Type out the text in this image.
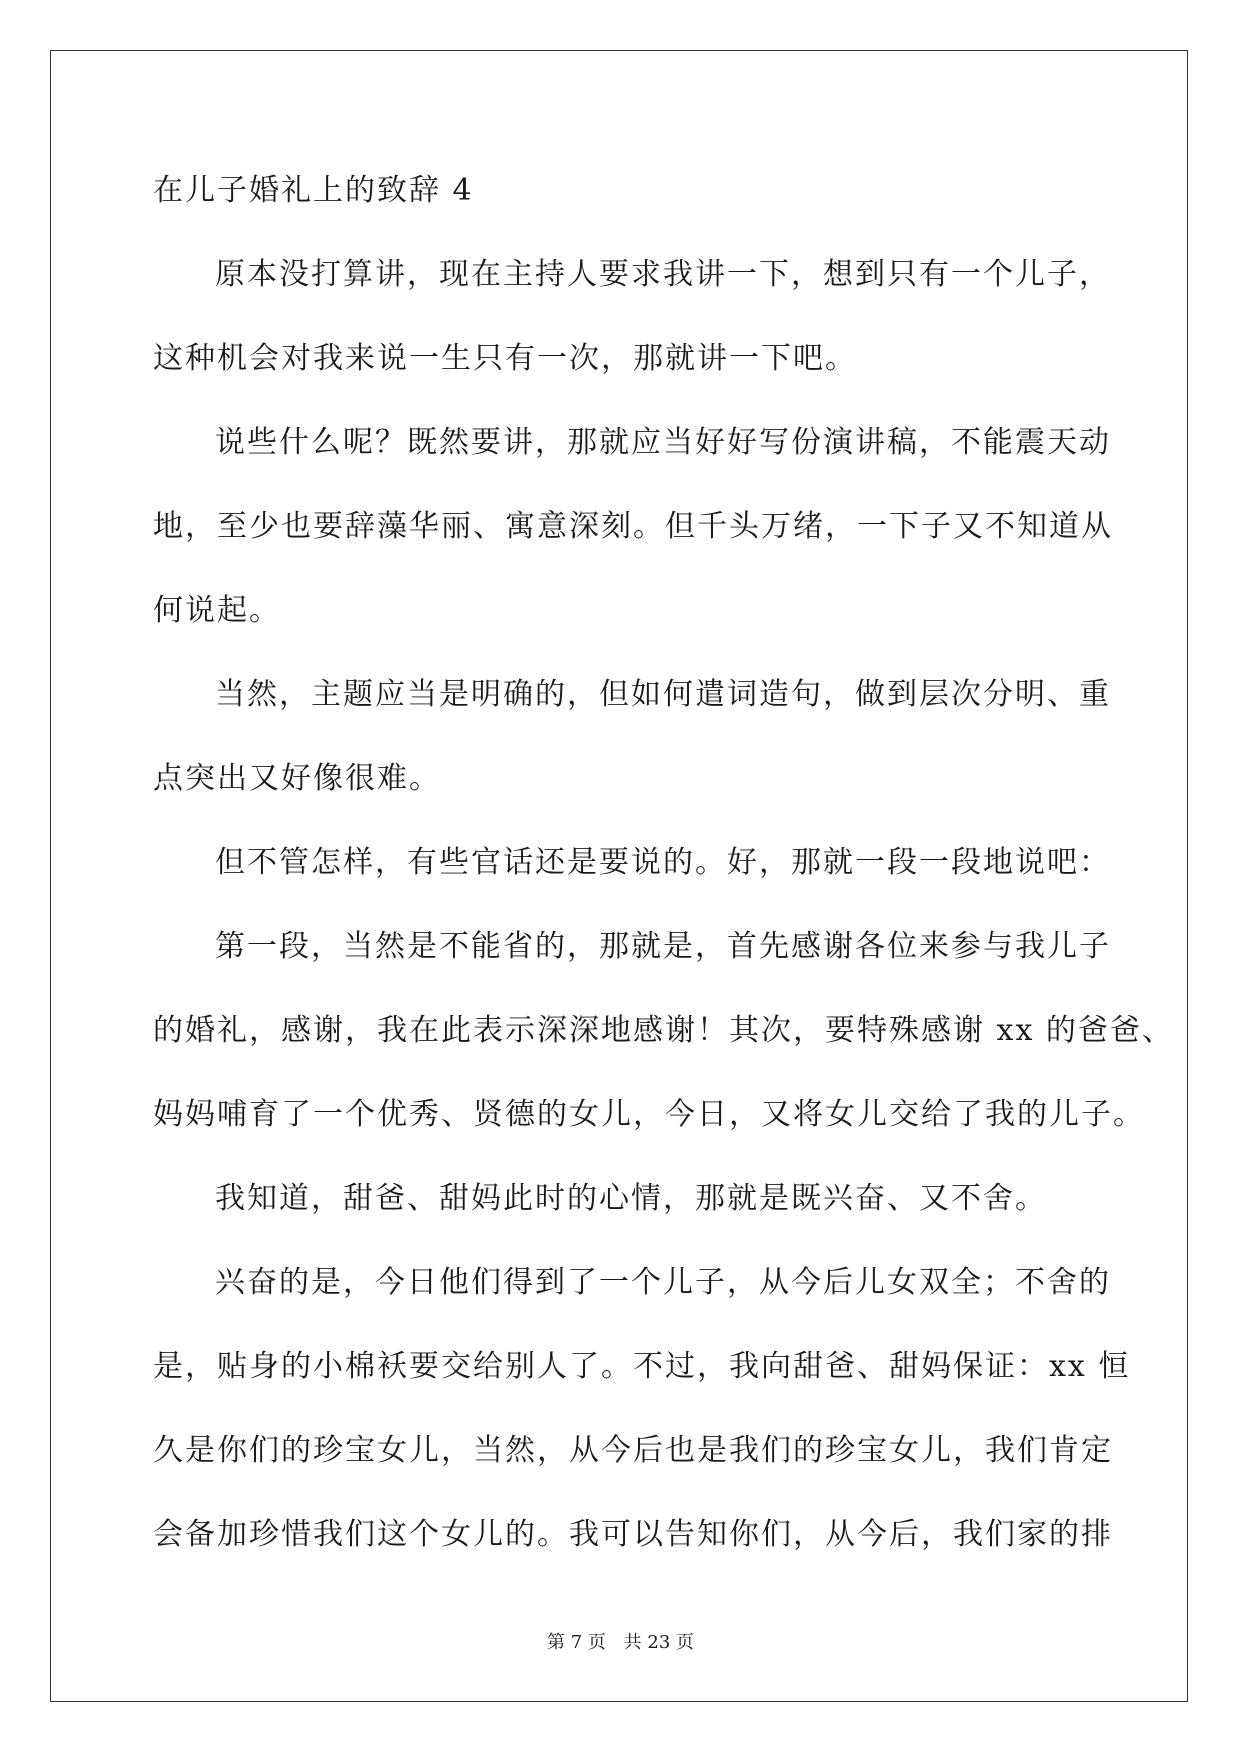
在儿子婚礼上的致辞 4
原本没打算讲，现在主持人要求我讲一下，想到只有一个儿子，
这种机会对我来说一生只有一次，那就讲一下吧。
说些什么呢？既然要讲，那就应当好好写份演讲稿，不能震天动
地，至少也要辞藻华丽、寓意深刻。但千头万绪，一下子又不知道从
何说起。
当然，主题应当是明确的，但如何遣词造句，做到层次分明、重
点突出又好像很难。
但不管怎样，有些官话还是要说的。好，那就一段一段地说吧：
第一段，当然是不能省的，那就是，首先感谢各位来参与我儿子
的婚礼，感谢，我在此表示深深地感谢！其次，要特殊感谢 xx 的爸爸、
妈妈哺育了一个优秀、贤德的女儿，今日，又将女儿交给了我的儿子。
我知道，甜爸、甜妈此时的心情，那就是既兴奋、又不舍。
兴奋的是，今日他们得到了一个儿子，从今后儿女双全；不舍的
是，贴身的小棉袄要交给别人了。不过，我向甜爸、甜妈保证：xx 恒
久是你们的珍宝女儿，当然，从今后也是我们的珍宝女儿，我们肯定
会备加珍惜我们这个女儿的。我可以告知你们，从今后，我们家的排
第 7 页 共 23 页
